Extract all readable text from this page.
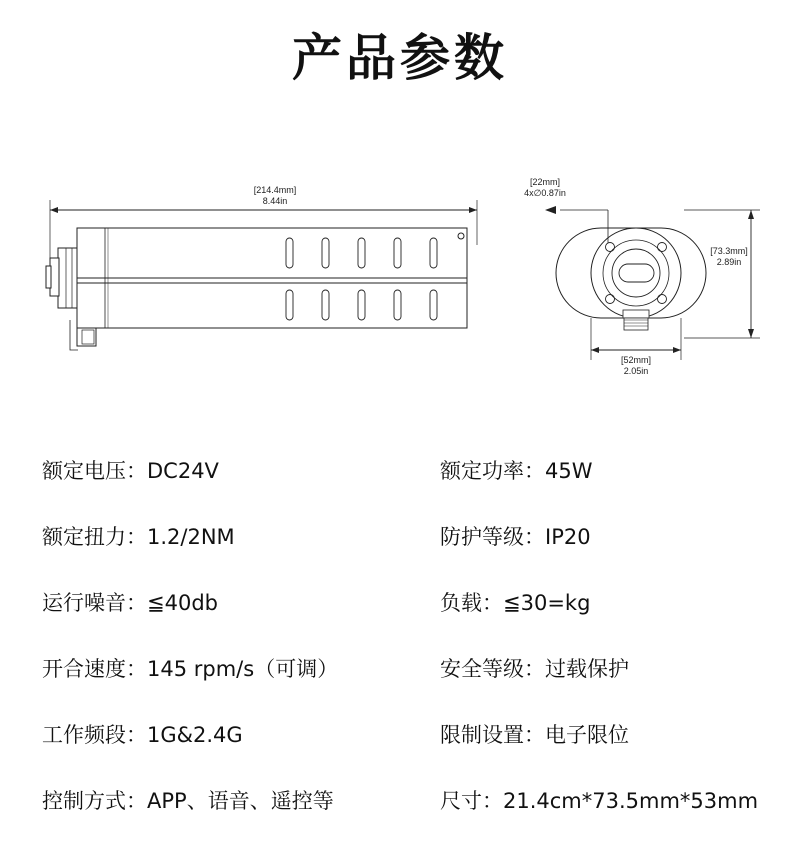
产品参数
[214.4mm]
8.44in
[22mm]
4x∅0.87in
[73.3mm]
2.89in
[52mm]
2.05in
额定电压：DC24V	额定功率：45W
额定扭力：1.2/2NM	防护等级：IP20
运行噪音：≦40db	负载：≦30=kg
开合速度：145 rpm/s（可调）	安全等级：过载保护
工作频段：1G&2.4G	限制设置：电子限位
控制方式：APP、语音、遥控等	尺寸：21.4cm*73.5mm*53mm
